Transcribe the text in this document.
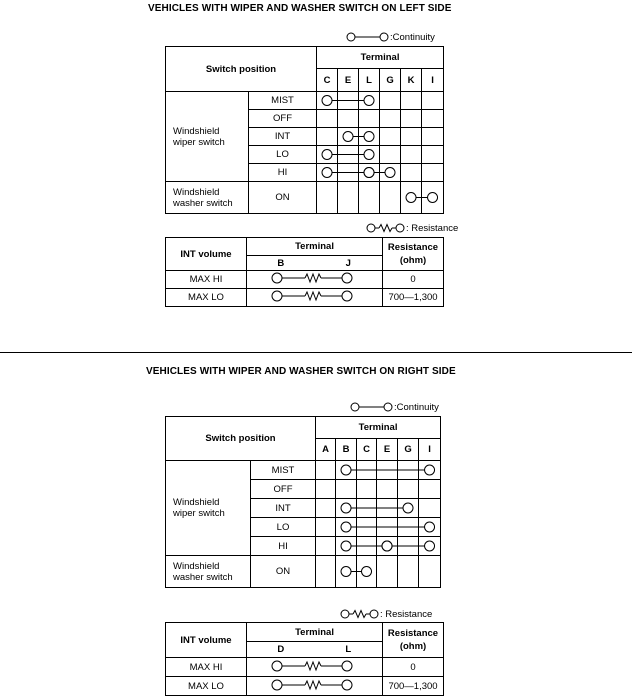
VEHICLES WITH WIPER AND WASHER SWITCH ON LEFT SIDE
:Continuity
Switch position		Terminal					
		C	E	L	G	K	I
Windshield wiper switch	MIST						
	OFF						
	INT						
	LO						
	HI						
Windshield washer switch	ON						
: Resistance
INT volume	Terminal		Resistance
(ohm)
	B	J	
MAX HI			0
MAX LO			700—1,300
VEHICLES WITH WIPER AND WASHER SWITCH ON RIGHT SIDE
:Continuity
Switch position		Terminal					
		A	B	C	E	G	I
Windshield wiper switch	MIST						
	OFF						
	INT						
	LO						
	HI						
Windshield washer switch	ON						
: Resistance
INT volume	Terminal		Resistance
(ohm)
	D	L	
MAX HI			0
MAX LO			700—1,300
